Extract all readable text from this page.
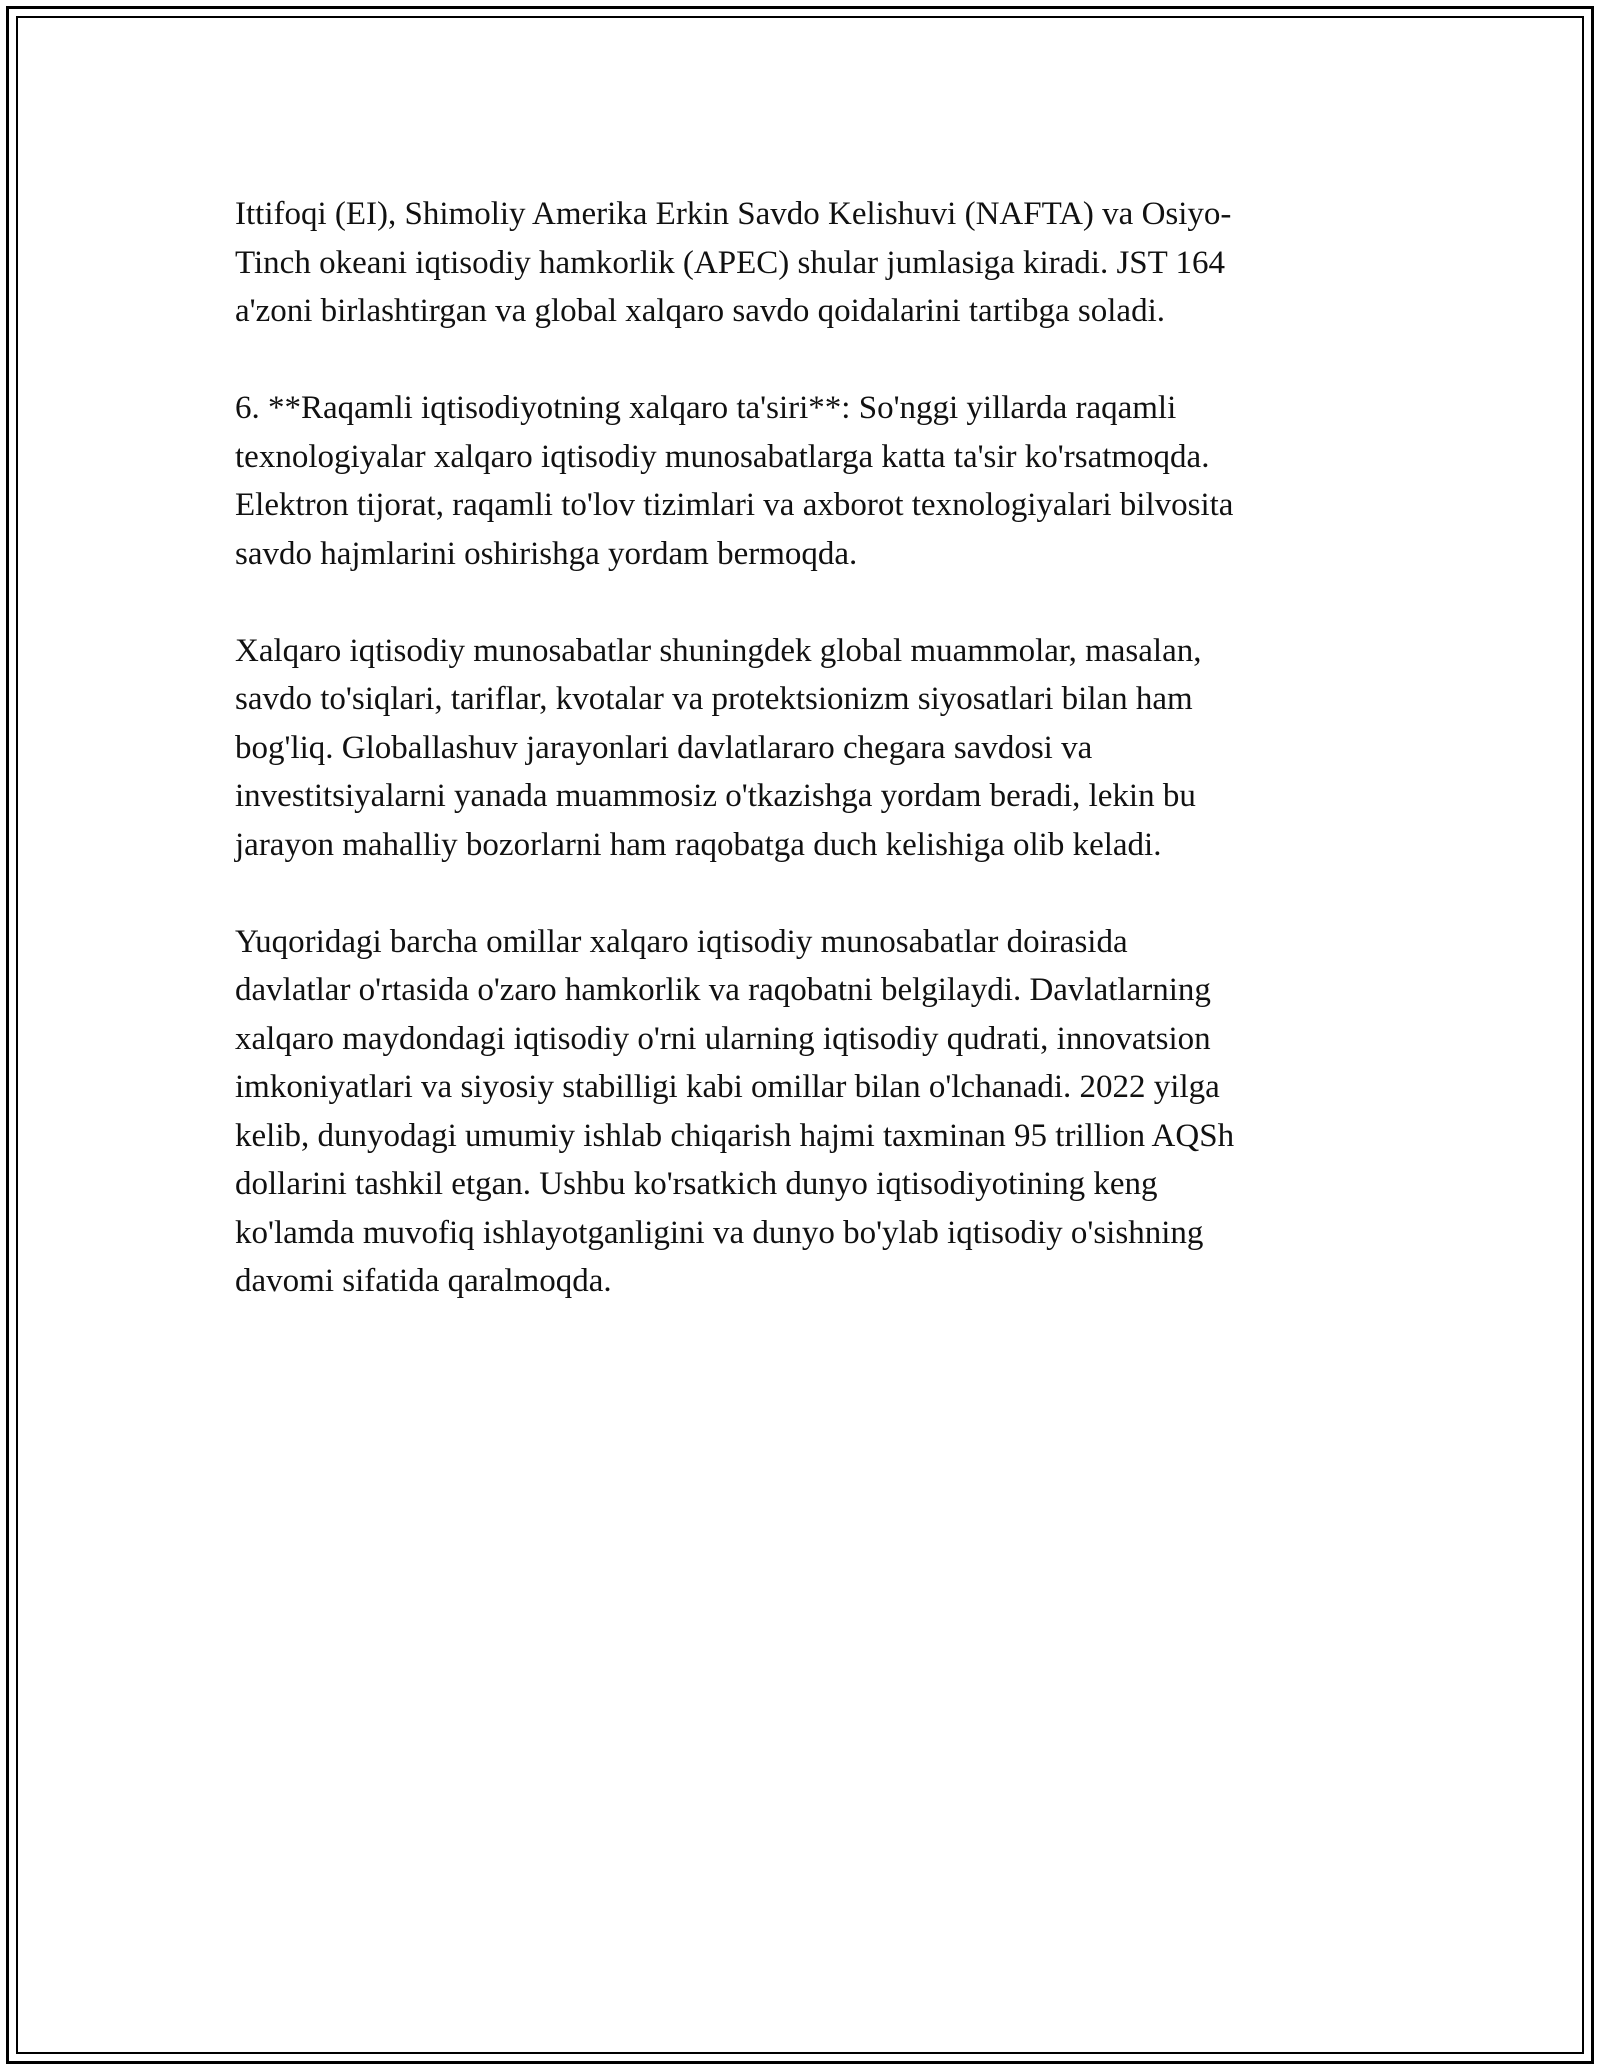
Ittifoqi (EI), Shimoliy Amerika Erkin Savdo Kelishuvi (NAFTA) va Osiyo-
Tinch okeani iqtisodiy hamkorlik (APEC) shular jumlasiga kiradi. JST 164
a'zoni birlashtirgan va global xalqaro savdo qoidalarini tartibga soladi.

6. **Raqamli iqtisodiyotning xalqaro ta'siri**: So'nggi yillarda raqamli
texnologiyalar xalqaro iqtisodiy munosabatlarga katta ta'sir ko'rsatmoqda.
Elektron tijorat, raqamli to'lov tizimlari va axborot texnologiyalari bilvosita
savdo hajmlarini oshirishga yordam bermoqda.

Xalqaro iqtisodiy munosabatlar shuningdek global muammolar, masalan,
savdo to'siqlari, tariflar, kvotalar va protektsionizm siyosatlari bilan ham
bog'liq. Globallashuv jarayonlari davlatlararo chegara savdosi va
investitsiyalarni yanada muammosiz o'tkazishga yordam beradi, lekin bu
jarayon mahalliy bozorlarni ham raqobatga duch kelishiga olib keladi.

Yuqoridagi barcha omillar xalqaro iqtisodiy munosabatlar doirasida
davlatlar o'rtasida o'zaro hamkorlik va raqobatni belgilaydi. Davlatlarning
xalqaro maydondagi iqtisodiy o'rni ularning iqtisodiy qudrati, innovatsion
imkoniyatlari va siyosiy stabilligi kabi omillar bilan o'lchanadi. 2022 yilga
kelib, dunyodagi umumiy ishlab chiqarish hajmi taxminan 95 trillion AQSh
dollarini tashkil etgan. Ushbu ko'rsatkich dunyo iqtisodiyotining keng
ko'lamda muvofiq ishlayotganligini va dunyo bo'ylab iqtisodiy o'sishning
davomi sifatida qaralmoqda.
